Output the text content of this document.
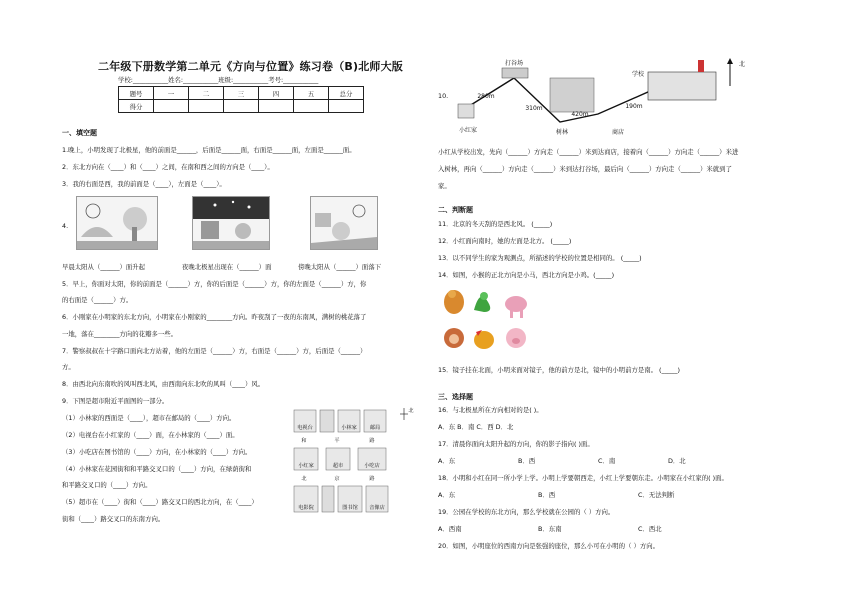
二年级下册数学第二单元《方向与位置》练习卷（B)北师大版
学校:___________姓名:___________班级:___________考号:___________
题号	一	二	三	四	五	总分
得分						
一、填空题
1.晚上，小明发现了北极星，他的前面是______，后面是______面，右面是______面，左面是______面。
2．东北方向在（____）和（____）之间，在南和西之间的方向是（____）。
3．我的右面是西，我的前面是（____），左面是（____）。
4.
早晨太阳从（______）面升起	夜晚北极星出现在（______）面	傍晚太阳从（______）面落下
5．早上，你面对太阳，你的前面是（______）方，你的后面是（______）方，你的左面是（______）方，你
的右面是（______）方。
6．小刚家在小明家的东北方向，小明家在小刚家的________方向。昨夜刮了一夜的东南风，满树的桃花落了
一地，落在________方向的花瓣多一些。
7．警察叔叔在十字路口面向北方站着，他的左面是（______）方，右面是（______）方，后面是（______）
方。
8．由西北向东南吹的风叫西北风，由西南向东北吹的风叫（____）风。
9．下图是超市附近平面图的一部分。
（1）小林家的西面是（____），超市在邮局的（____）方向。
（2）电视台在小红家的（____）面，在小林家的（____）面。
（3）小吃店在图书馆的（____）方向，在小林家的（____）方向。
（4）小林家在花园街和和平路交叉口的（____）方向，在绿荫街和
和平路交叉口的（____）方向。
（5）超市在（____）街和（____）路交叉口的西北方向，在（____）
街和（____）路交叉口的东南方向。
北
电视台	小林家	邮局
和	平	路
小红家	超市	小吃店
北	京	路
电影院	图书馆 音像店
10.
打谷场
学校
北
280m
310m
420m
190m
小红家	树林	商店
小红从学校出发，先向（______）方向走（______）米到达商店，接着向（______）方向走（______）米进
入树林，再向（______）方向走（______）米到达打谷场，最后向（______）方向走（______）米就到了
家。
二、判断题
11．北京的冬天刮的是西北风。 (_____)
12．小红面向南时，她的左面是北方。 (_____)
13．以不同学生的家为观测点，所描述的学校的位置是相同的。 (_____)
14．如图，小猴的正北方向是小马，西北方向是小鸡。(_____)
15．镜子挂在北面，小明来面对镜子，他的前方是北，镜中的小明前方是南。 (_____)
三、选择题
16．与北极星所在方向相对的是( )。
A．东 B．南 C．西 D．北
17．清晨你面向太阳升起的方向，你的影子指向( )面。
A．东	B．西	C．南	D．北
18．小明和小红在同一所小学上学。小明上学要朝西走，小红上学要朝东走。小明家在小红家的( )面。
A．东	B．西	C．无法判断
19．公园在学校的东北方向，那么学校就在公园的（ ）方向。
A．西南	B．东南	C．西北
20．如图，小明座位的西南方向是张强的座位，那么小可在小明的（ ）方向。
